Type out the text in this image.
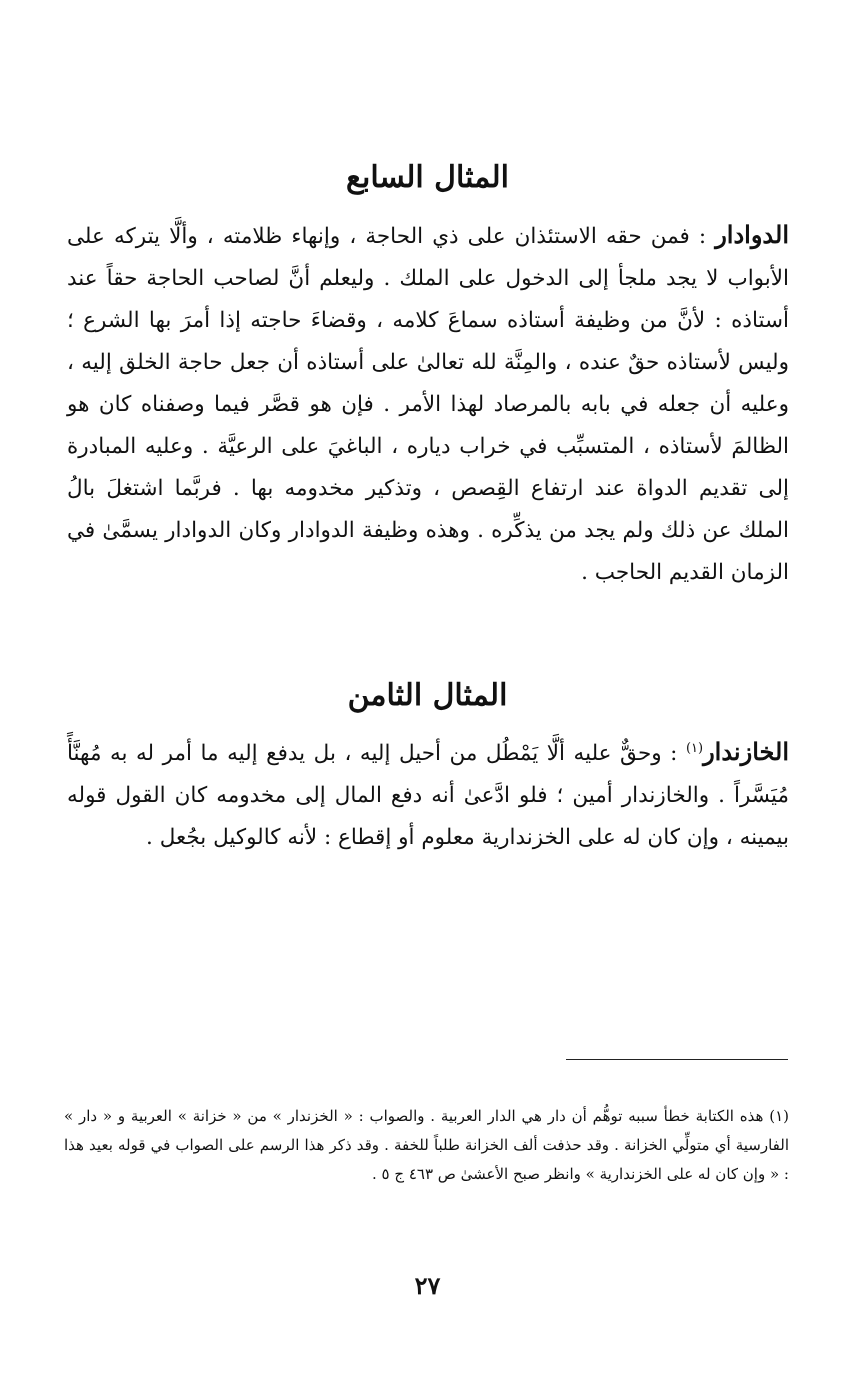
المثال السابع
الدوادار : فمن حقه الاستئذان على ذي الحاجة ، وإنهاء ظلامته ، وألَّا يتركه على الأبواب لا يجد ملجأ إلى الدخول على الملك . وليعلم أنَّ لصاحب الحاجة حقاً عند أستاذه : لأنَّ من وظيفة أستاذه سماعَ كلامه ، وقضاءَ حاجته إذا أمرَ بها الشرع ؛ وليس لأستاذه حقٌ عنده ، والمِنَّة لله تعالىٰ على أستاذه أن جعل حاجة الخلق إليه ، وعليه أن جعله في بابه بالمرصاد لهذا الأمر . فإن هو قصَّر فيما وصفناه كان هو الظالمَ لأستاذه ، المتسبِّب في خراب دياره ، الباغيَ على الرعيَّة . وعليه المبادرة إلى تقديم الدواة عند ارتفاع القِصص ، وتذكير مخدومه بها . فربَّما اشتغلَ بالُ الملك عن ذلك ولم يجد من يذكِّره . وهذه وظيفة الدوادار وكان الدوادار يسمَّىٰ في الزمان القديم الحاجب .
المثال الثامن
الخازندار$^{(١)}$ : وحقٌّ عليه ألَّا يَمْطُل من أحيل إليه ، بل يدفع إليه ما أمر له به مُهنَّأً مُيَسَّراً . والخازندار أمين ؛ فلو ادَّعىٰ أنه دفع المال إلى مخدومه كان القول قوله بيمينه ، وإن كان له على الخزندارية معلوم أو إقطاع : لأنه كالوكيل بجُعل .
(١) هذه الكتابة خطأ سببه توهُّم أن دار هي الدار العربية . والصواب : « الخزندار » من « خزانة » العربية و « دار » الفارسية أي متولِّي الخزانة . وقد حذفت ألف الخزانة طلباً للخفة . وقد ذكر هذا الرسم على الصواب في قوله بعيد هذا : « وإن كان له على الخزندارية » وانظر صبح الأعشىٰ ص ٤٦٣ ج ٥ .
٢٧
